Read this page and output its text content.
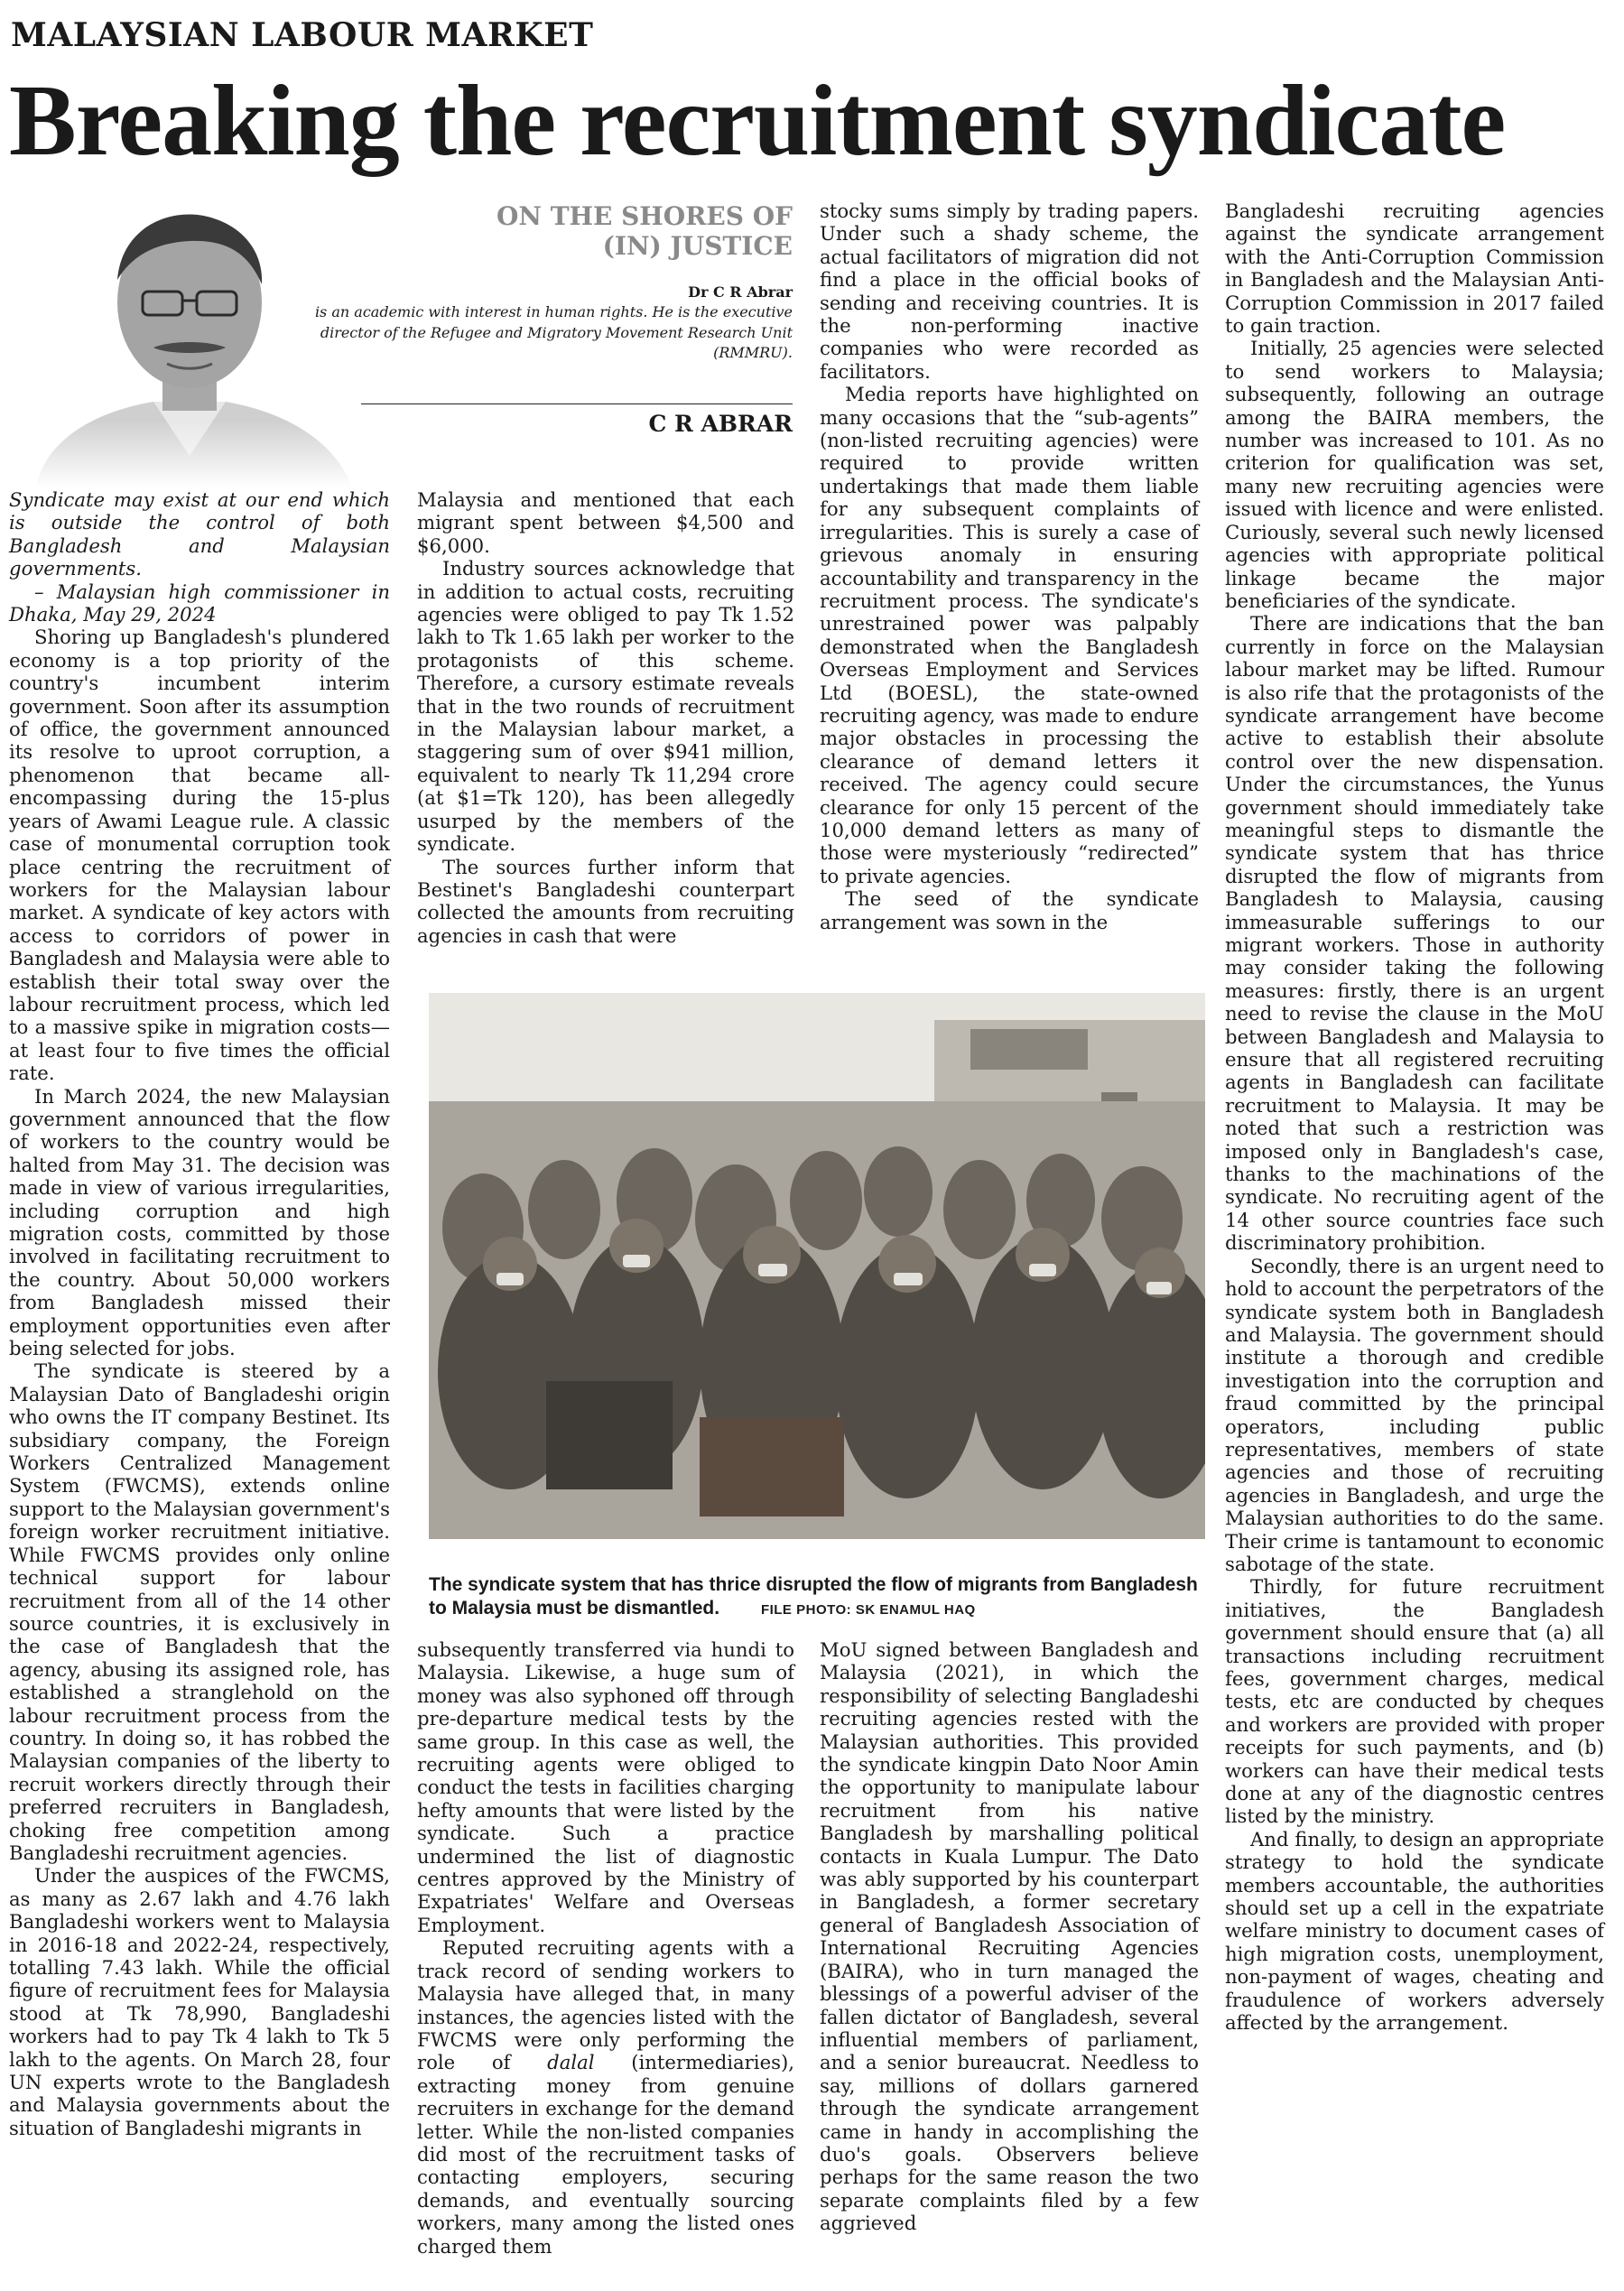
MALAYSIAN LABOUR MARKET
Breaking the recruitment syndicate
ON THE SHORES OF
(IN) JUSTICE
Dr C R Abrar
is an academic with interest in human rights. He is the executive director of the Refugee and Migratory Movement Research Unit (RMMRU).
C R ABRAR

Syndicate may exist at our end which is outside the control of both Bangladesh and Malaysian governments.

– Malaysian high commissioner in Dhaka, May 29, 2024

Shoring up Bangladesh's plundered economy is a top priority of the country's incumbent interim government. Soon after its assumption of office, the government announced its resolve to uproot corruption, a phenomenon that became all-encompassing during the 15-plus years of Awami League rule. A classic case of monumental corruption took place centring the recruitment of workers for the Malaysian labour market. A syndicate of key actors with access to corridors of power in Bangladesh and Malaysia were able to establish their total sway over the labour recruitment process, which led to a massive spike in migration costs—at least four to five times the official rate.

In March 2024, the new Malaysian government announced that the flow of workers to the country would be halted from May 31. The decision was made in view of various irregularities, including corruption and high migration costs, committed by those involved in facilitating recruitment to the country. About 50,000 workers from Bangladesh missed their employment opportunities even after being selected for jobs.

The syndicate is steered by a Malaysian Dato of Bangladeshi origin who owns the IT company Bestinet. Its subsidiary company, the Foreign Workers Centralized Management System (FWCMS), extends online support to the Malaysian government's foreign worker recruitment initiative. While FWCMS provides only online technical support for labour recruitment from all of the 14 other source countries, it is exclusively in the case of Bangladesh that the agency, abusing its assigned role, has established a stranglehold on the labour recruitment process from the country. In doing so, it has robbed the Malaysian companies of the liberty to recruit workers directly through their preferred recruiters in Bangladesh, choking free competition among Bangladeshi recruitment agencies.

Under the auspices of the FWCMS, as many as 2.67 lakh and 4.76 lakh Bangladeshi workers went to Malaysia in 2016-18 and 2022-24, respectively, totalling 7.43 lakh. While the official figure of recruitment fees for Malaysia stood at Tk 78,990, Bangladeshi workers had to pay Tk 4 lakh to Tk 5 lakh to the agents. On March 28, four UN experts wrote to the Bangladesh and Malaysia governments about the situation of Bangladeshi migrants in

Malaysia and mentioned that each migrant spent between $4,500 and $6,000.

Industry sources acknowledge that in addition to actual costs, recruiting agencies were obliged to pay Tk 1.52 lakh to Tk 1.65 lakh per worker to the protagonists of this scheme. Therefore, a cursory estimate reveals that in the two rounds of recruitment in the Malaysian labour market, a staggering sum of over $941 million, equivalent to nearly Tk 11,294 crore (at $1=Tk 120), has been allegedly usurped by the members of the syndicate.

The sources further inform that Bestinet's Bangladeshi counterpart collected the amounts from recruiting agencies in cash that were

stocky sums simply by trading papers. Under such a shady scheme, the actual facilitators of migration did not find a place in the official books of sending and receiving countries. It is the non-performing inactive companies who were recorded as facilitators.

Media reports have highlighted on many occasions that the “sub-agents” (non-listed recruiting agencies) were required to provide written undertakings that made them liable for any subsequent complaints of irregularities. This is surely a case of grievous anomaly in ensuring accountability and transparency in the recruitment process. The syndicate's unrestrained power was palpably demonstrated when the Bangladesh Overseas Employment and Services Ltd (BOESL), the state-owned recruiting agency, was made to endure major obstacles in processing the clearance of demand letters it received. The agency could secure clearance for only 15 percent of the 10,000 demand letters as many of those were mysteriously “redirected” to private agencies.

The seed of the syndicate arrangement was sown in the

The syndicate system that has thrice disrupted the flow of migrants from Bangladesh to Malaysia must be dismantled.	FILE PHOTO: SK ENAMUL HAQ

subsequently transferred via hundi to Malaysia. Likewise, a huge sum of money was also syphoned off through pre-departure medical tests by the same group. In this case as well, the recruiting agents were obliged to conduct the tests in facilities charging hefty amounts that were listed by the syndicate. Such a practice undermined the list of diagnostic centres approved by the Ministry of Expatriates' Welfare and Overseas Employment.

Reputed recruiting agents with a track record of sending workers to Malaysia have alleged that, in many instances, the agencies listed with the FWCMS were only performing the role of dalal (intermediaries), extracting money from genuine recruiters in exchange for the demand letter. While the non-listed companies did most of the recruitment tasks of contacting employers, securing demands, and eventually sourcing workers, many among the listed ones charged them

MoU signed between Bangladesh and Malaysia (2021), in which the responsibility of selecting Bangladeshi recruiting agencies rested with the Malaysian authorities. This provided the syndicate kingpin Dato Noor Amin the opportunity to manipulate labour recruitment from his native Bangladesh by marshalling political contacts in Kuala Lumpur. The Dato was ably supported by his counterpart in Bangladesh, a former secretary general of Bangladesh Association of International Recruiting Agencies (BAIRA), who in turn managed the blessings of a powerful adviser of the fallen dictator of Bangladesh, several influential members of parliament, and a senior bureaucrat. Needless to say, millions of dollars garnered through the syndicate arrangement came in handy in accomplishing the duo's goals. Observers believe perhaps for the same reason the two separate complaints filed by a few aggrieved

Bangladeshi recruiting agencies against the syndicate arrangement with the Anti-Corruption Commission in Bangladesh and the Malaysian Anti-Corruption Commission in 2017 failed to gain traction.

Initially, 25 agencies were selected to send workers to Malaysia; subsequently, following an outrage among the BAIRA members, the number was increased to 101. As no criterion for qualification was set, many new recruiting agencies were issued with licence and were enlisted. Curiously, several such newly licensed agencies with appropriate political linkage became the major beneficiaries of the syndicate.

There are indications that the ban currently in force on the Malaysian labour market may be lifted. Rumour is also rife that the protagonists of the syndicate arrangement have become active to establish their absolute control over the new dispensation. Under the circumstances, the Yunus government should immediately take meaningful steps to dismantle the syndicate system that has thrice disrupted the flow of migrants from Bangladesh to Malaysia, causing immeasurable sufferings to our migrant workers. Those in authority may consider taking the following measures: firstly, there is an urgent need to revise the clause in the MoU between Bangladesh and Malaysia to ensure that all registered recruiting agents in Bangladesh can facilitate recruitment to Malaysia. It may be noted that such a restriction was imposed only in Bangladesh's case, thanks to the machinations of the syndicate. No recruiting agent of the 14 other source countries face such discriminatory prohibition.

Secondly, there is an urgent need to hold to account the perpetrators of the syndicate system both in Bangladesh and Malaysia. The government should institute a thorough and credible investigation into the corruption and fraud committed by the principal operators, including public representatives, members of state agencies and those of recruiting agencies in Bangladesh, and urge the Malaysian authorities to do the same. Their crime is tantamount to economic sabotage of the state.

Thirdly, for future recruitment initiatives, the Bangladesh government should ensure that (a) all transactions including recruitment fees, government charges, medical tests, etc are conducted by cheques and workers are provided with proper receipts for such payments, and (b) workers can have their medical tests done at any of the diagnostic centres listed by the ministry.

And finally, to design an appropriate strategy to hold the syndicate members accountable, the authorities should set up a cell in the expatriate welfare ministry to document cases of high migration costs, unemployment, non-payment of wages, cheating and fraudulence of workers adversely affected by the arrangement.
